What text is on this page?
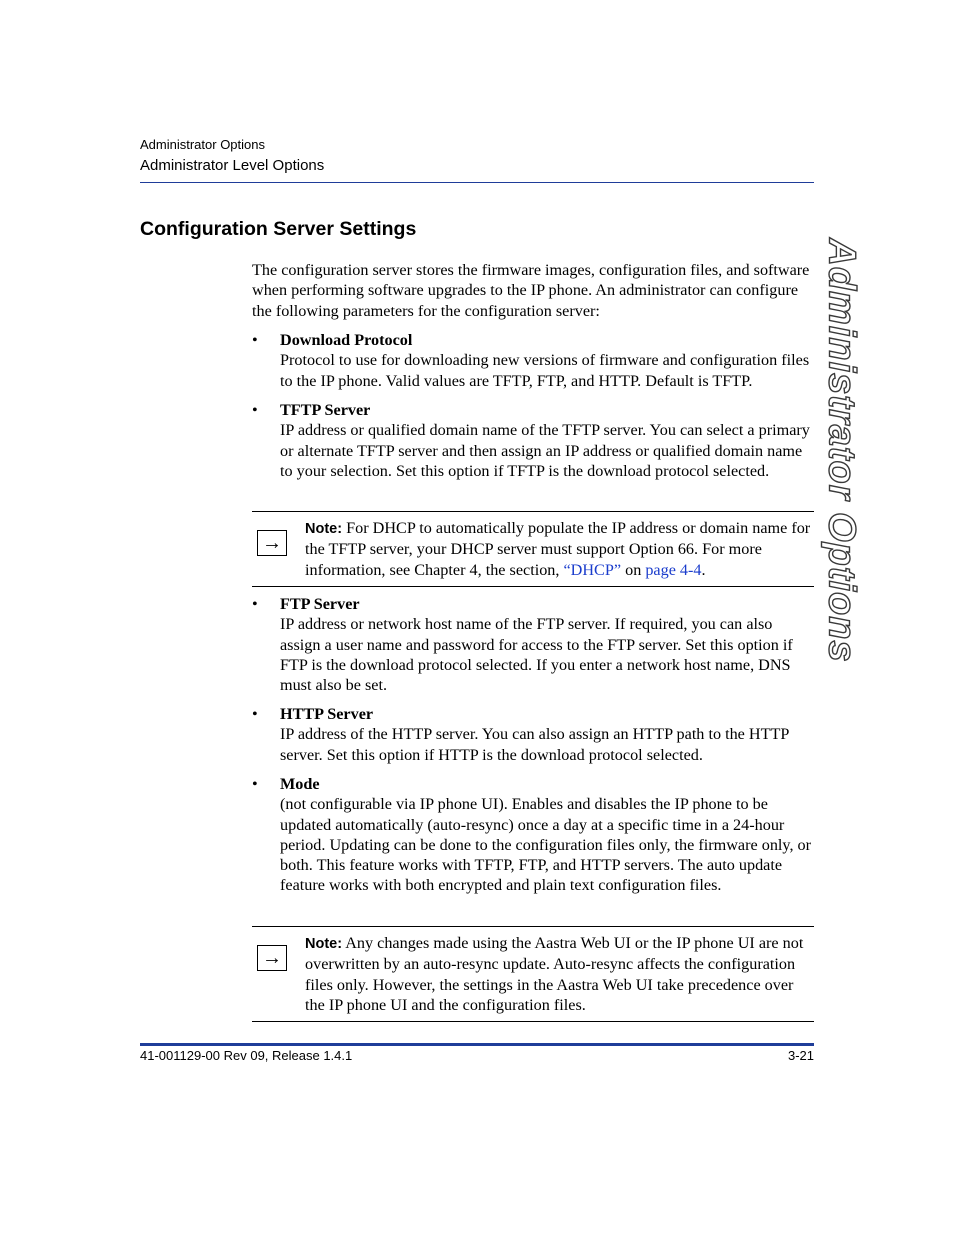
Administrator Options
Administrator Level Options
Configuration Server Settings
Administrator Options

The configuration server stores the firmware images, configuration files, and software when performing software upgrades to the IP phone. An administrator can configure the following parameters for the configuration server:

•	Download Protocol
Protocol to use for downloading new versions of firmware and configuration files to the IP phone. Valid values are TFTP, FTP, and HTTP. Default is TFTP.
•	TFTP Server
IP address or qualified domain name of the TFTP server. You can select a primary or alternate TFTP server and then assign an IP address or qualified domain name to your selection. Set this option if TFTP is the download protocol selected.
→
Note: For DHCP to automatically populate the IP address or domain name for the TFTP server, your DHCP server must support Option 66. For more information, see Chapter 4, the section, “DHCP” on page 4-4.
•	FTP Server
IP address or network host name of the FTP server. If required, you can also assign a user name and password for access to the FTP server. Set this option if FTP is the download protocol selected. If you enter a network host name, DNS must also be set.
•	HTTP Server
IP address of the HTTP server. You can also assign an HTTP path to the HTTP server. Set this option if HTTP is the download protocol selected.
•	Mode
(not configurable via IP phone UI). Enables and disables the IP phone to be updated automatically (auto-resync) once a day at a specific time in a 24-hour period. Updating can be done to the configuration files only, the firmware only, or both. This feature works with TFTP, FTP, and HTTP servers. The auto update feature works with both encrypted and plain text configuration files.
→
Note: Any changes made using the Aastra Web UI or the IP phone UI are not overwritten by an auto-resync update. Auto-resync affects the configuration files only. However, the settings in the Aastra Web UI take precedence over the IP phone UI and the configuration files.
41-001129-00 Rev 09, Release 1.4.1	3-21
